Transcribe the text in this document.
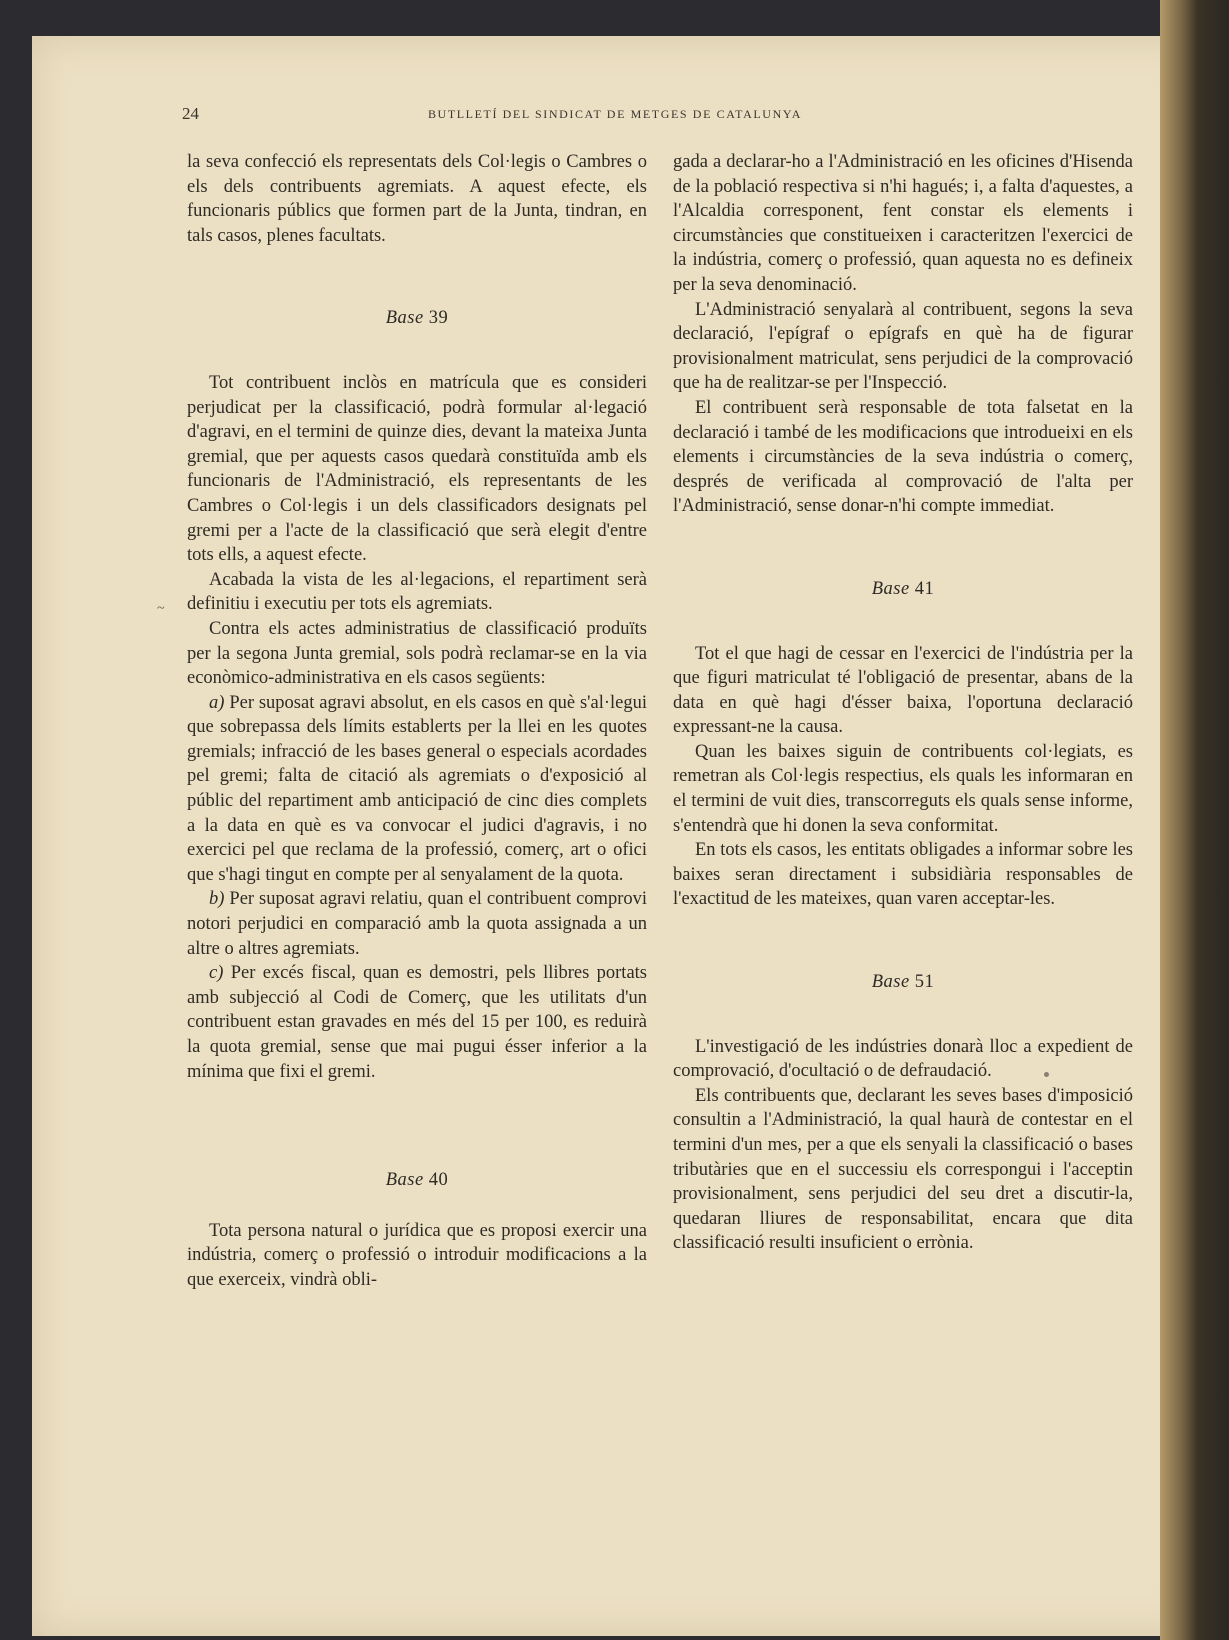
24	BUTLLETÍ DEL SINDICAT DE METGES DE CATALUNYA
~

la seva confecció els representats dels Col·legis o Cambres o els dels contribuents agremiats. A aquest efecte, els funcionaris públics que formen part de la Junta, tindran, en tals casos, plenes facultats.

Base 39

Tot contribuent inclòs en matrícula que es consideri perjudicat per la classificació, podrà formular al·legació d'agravi, en el termini de quinze dies, devant la mateixa Junta gremial, que per aquests casos quedarà constituïda amb els funcionaris de l'Administració, els representants de les Cambres o Col·legis i un dels classificadors designats pel gremi per a l'acte de la classificació que serà elegit d'entre tots ells, a aquest efecte.

Acabada la vista de les al·legacions, el repartiment serà definitiu i executiu per tots els agremiats.

Contra els actes administratius de classificació produïts per la segona Junta gremial, sols podrà reclamar-se en la via econòmico-administrativa en els casos següents:

a) Per suposat agravi absolut, en els casos en què s'al·legui que sobrepassa dels límits establerts per la llei en les quotes gremials; infracció de les bases general o especials acordades pel gremi; falta de citació als agremiats o d'exposició al públic del repartiment amb anticipació de cinc dies complets a la data en què es va convocar el judici d'agravis, i no exercici pel que reclama de la professió, comerç, art o ofici que s'hagi tingut en compte per al senyalament de la quota.

b) Per suposat agravi relatiu, quan el contribuent comprovi notori perjudici en comparació amb la quota assignada a un altre o altres agremiats.

c) Per excés fiscal, quan es demostri, pels llibres portats amb subjecció al Codi de Comerç, que les utilitats d'un contribuent estan gravades en més del 15 per 100, es reduirà la quota gremial, sense que mai pugui ésser inferior a la mínima que fixi el gremi.

Base 40

Tota persona natural o jurídica que es proposi exercir una indústria, comerç o professió o introduir modificacions a la que exerceix, vindrà obli-

gada a declarar-ho a l'Administració en les oficines d'Hisenda de la població respectiva si n'hi hagués; i, a falta d'aquestes, a l'Alcaldia corresponent, fent constar els elements i circumstàncies que constitueixen i caracteritzen l'exercici de la indústria, comerç o professió, quan aquesta no es defineix per la seva denominació.

L'Administració senyalarà al contribuent, segons la seva declaració, l'epígraf o epígrafs en què ha de figurar provisionalment matriculat, sens perjudici de la comprovació que ha de realitzar-se per l'Inspecció.

El contribuent serà responsable de tota falsetat en la declaració i també de les modificacions que introdueixi en els elements i circumstàncies de la seva indústria o comerç, després de verificada al comprovació de l'alta per l'Administració, sense donar-n'hi compte immediat.

Base 41

Tot el que hagi de cessar en l'exercici de l'indústria per la que figuri matriculat té l'obligació de presentar, abans de la data en què hagi d'ésser baixa, l'oportuna declaració expressant-ne la causa.

Quan les baixes siguin de contribuents col·legiats, es remetran als Col·legis respectius, els quals les informaran en el termini de vuit dies, transcorreguts els quals sense informe, s'entendrà que hi donen la seva conformitat.

En tots els casos, les entitats obligades a informar sobre les baixes seran directament i subsidiària responsables de l'exactitud de les mateixes, quan varen acceptar-les.

Base 51

L'investigació de les indústries donarà lloc a expedient de comprovació, d'ocultació o de defraudació.

Els contribuents que, declarant les seves bases d'imposició consultin a l'Administració, la qual haurà de contestar en el termini d'un mes, per a que els senyali la classificació o bases tributàries que en el successiu els correspongui i l'acceptin provisionalment, sens perjudici del seu dret a discutir-la, quedaran lliures de responsabilitat, encara que dita classificació resulti insuficient o errònia.
